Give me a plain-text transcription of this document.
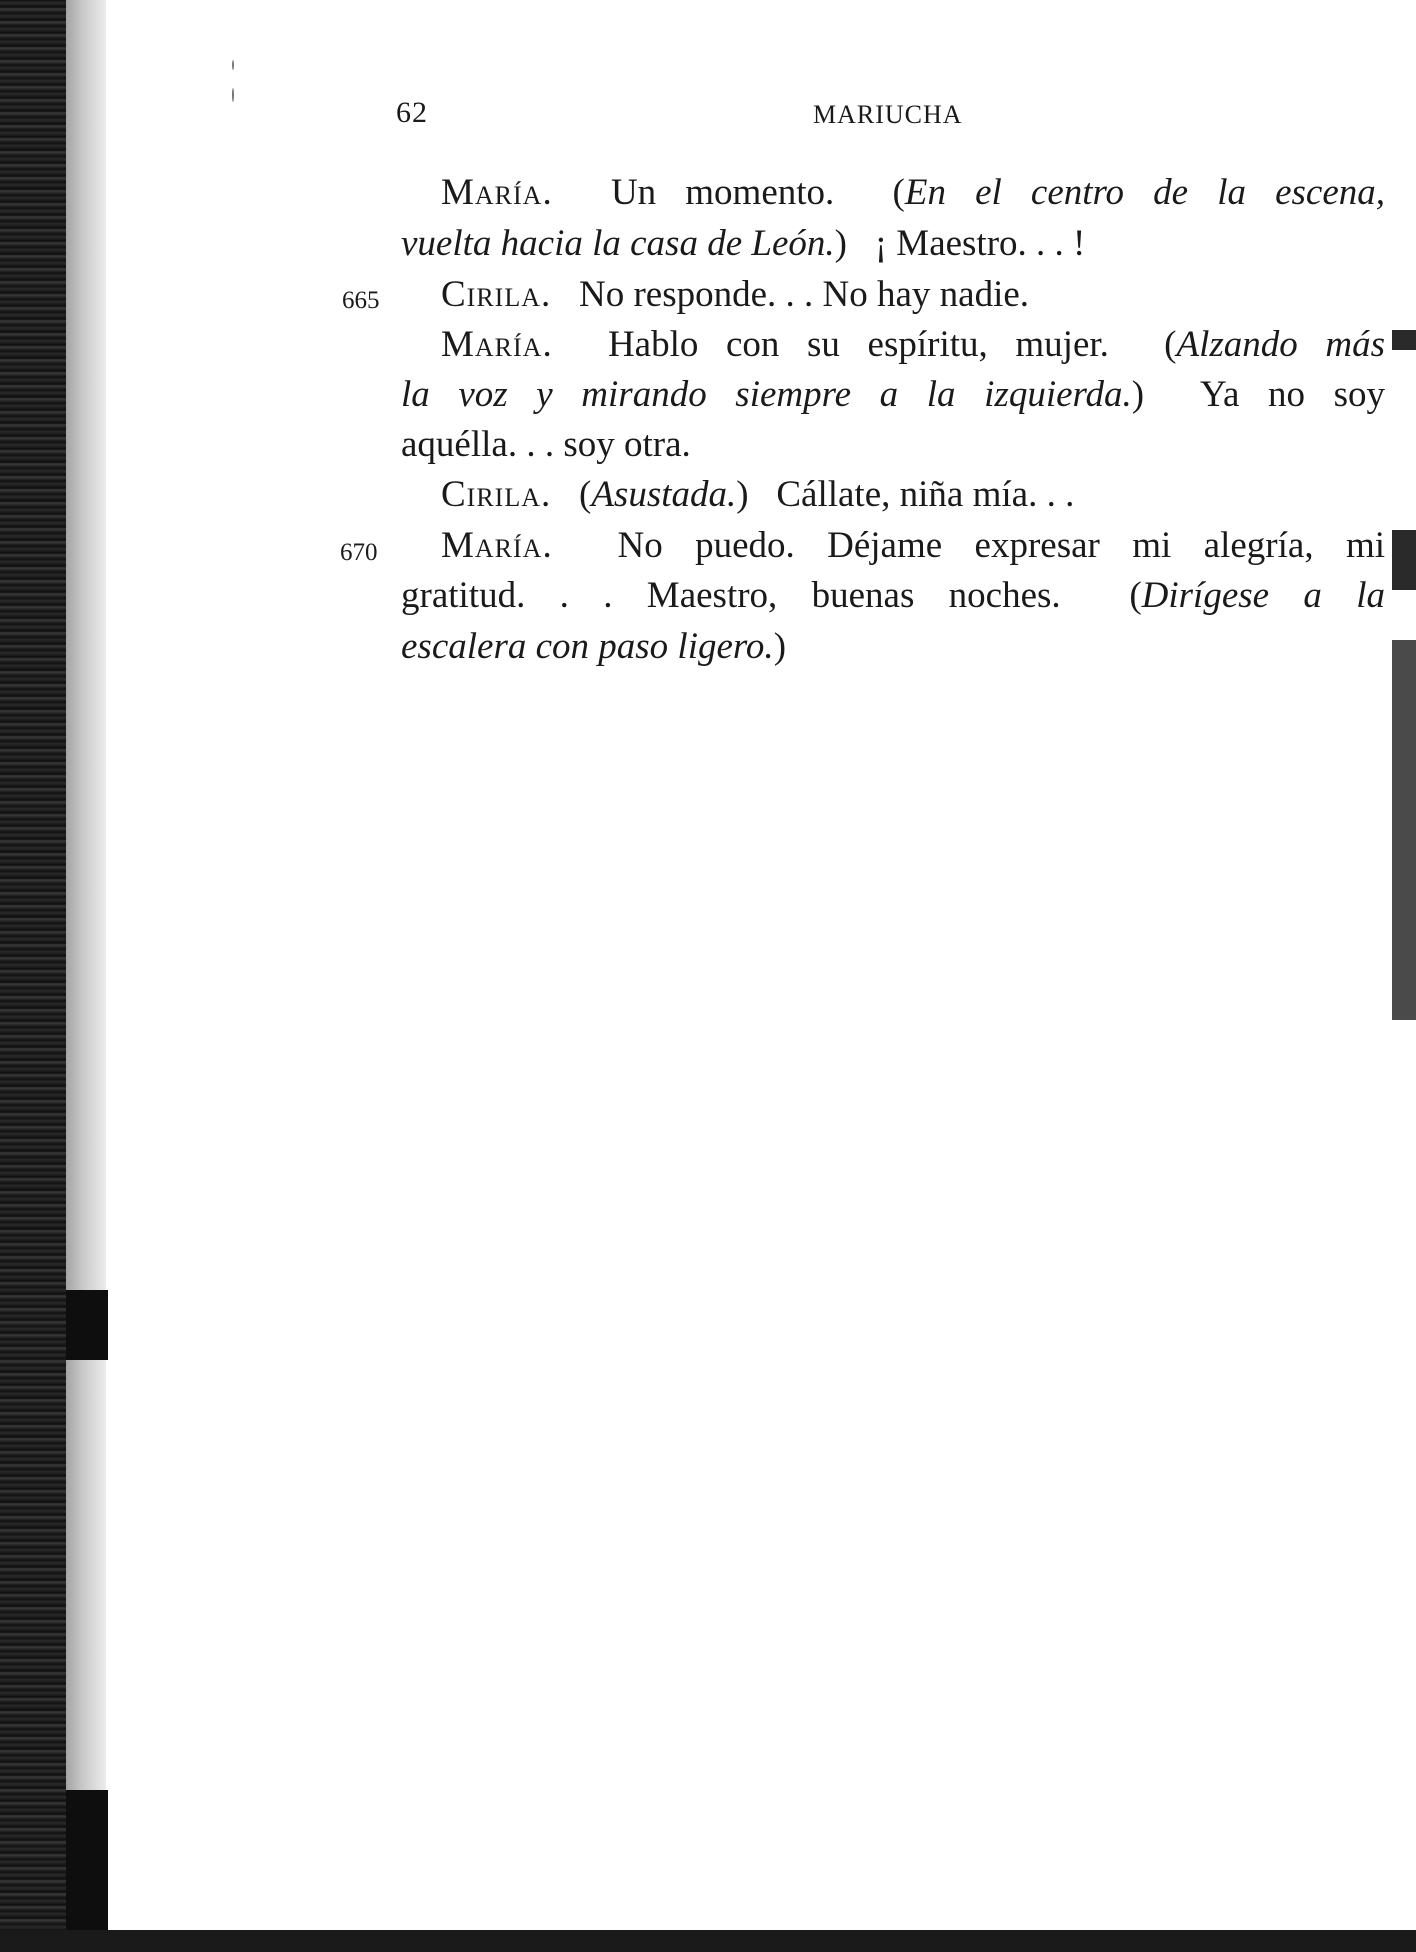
62	MARIUCHA
María. Un momento. (En el centro de la escena,
vuelta hacia la casa de León.) ¡ Maestro. . . !
665 Cirila. No responde. . . No hay nadie.
María. Hablo con su espíritu, mujer. (Alzando más
la voz y mirando siempre a la izquierda.) Ya no soy
aquélla. . . soy otra.
Cirila. (Asustada.) Cállate, niña mía. . .
670 María. No puedo. Déjame expresar mi alegría, mi
gratitud. . . Maestro, buenas noches. (Dirígese a la
escalera con paso ligero.)
